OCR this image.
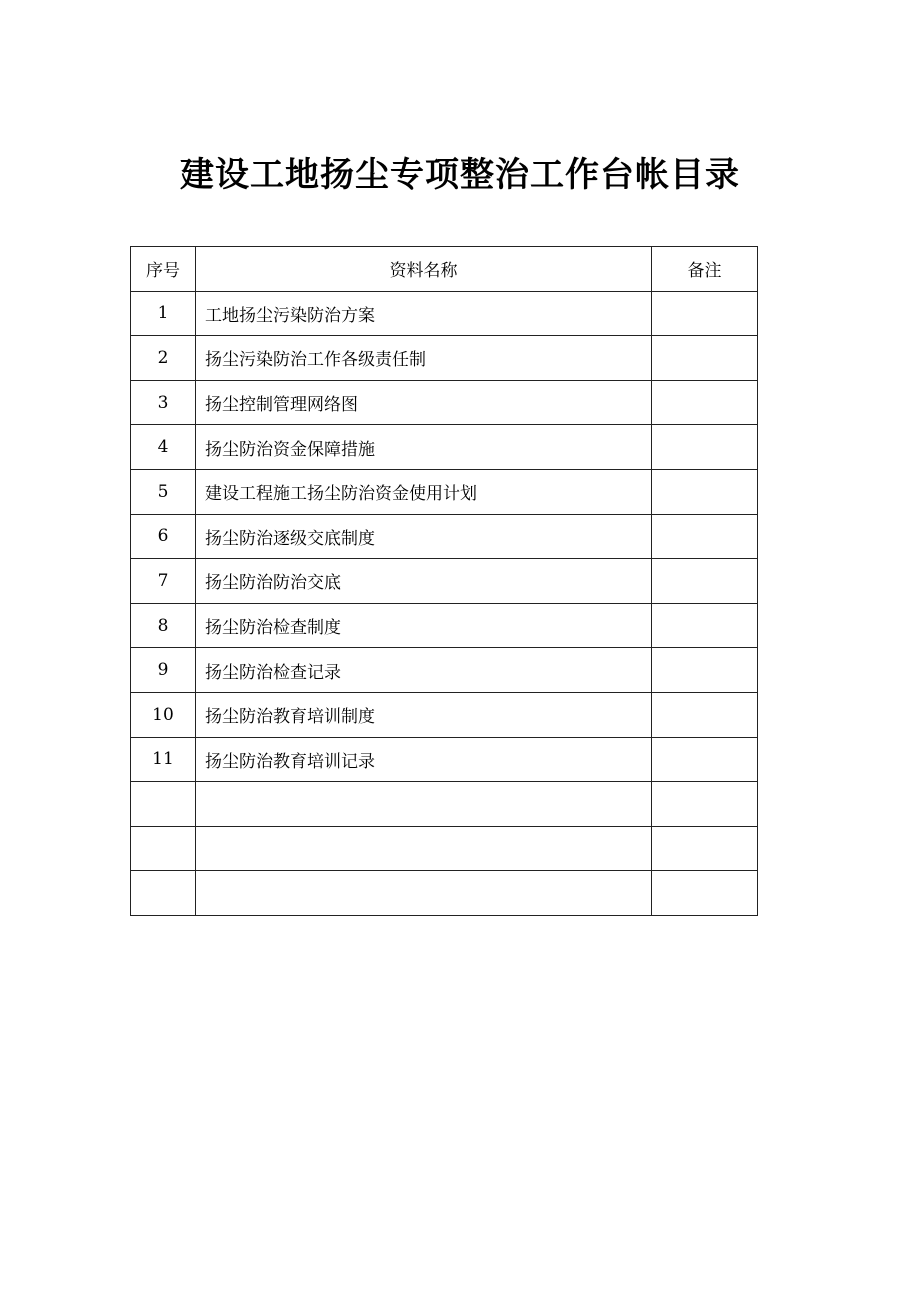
建设工地扬尘专项整治工作台帐目录
序号	资料名称	备注
1	工地扬尘污染防治方案	
2	扬尘污染防治工作各级责任制	
3	扬尘控制管理网络图	
4	扬尘防治资金保障措施	
5	建设工程施工扬尘防治资金使用计划	
6	扬尘防治逐级交底制度	
7	扬尘防治防治交底	
8	扬尘防治检查制度	
9	扬尘防治检查记录	
10	扬尘防治教育培训制度	
11	扬尘防治教育培训记录	
